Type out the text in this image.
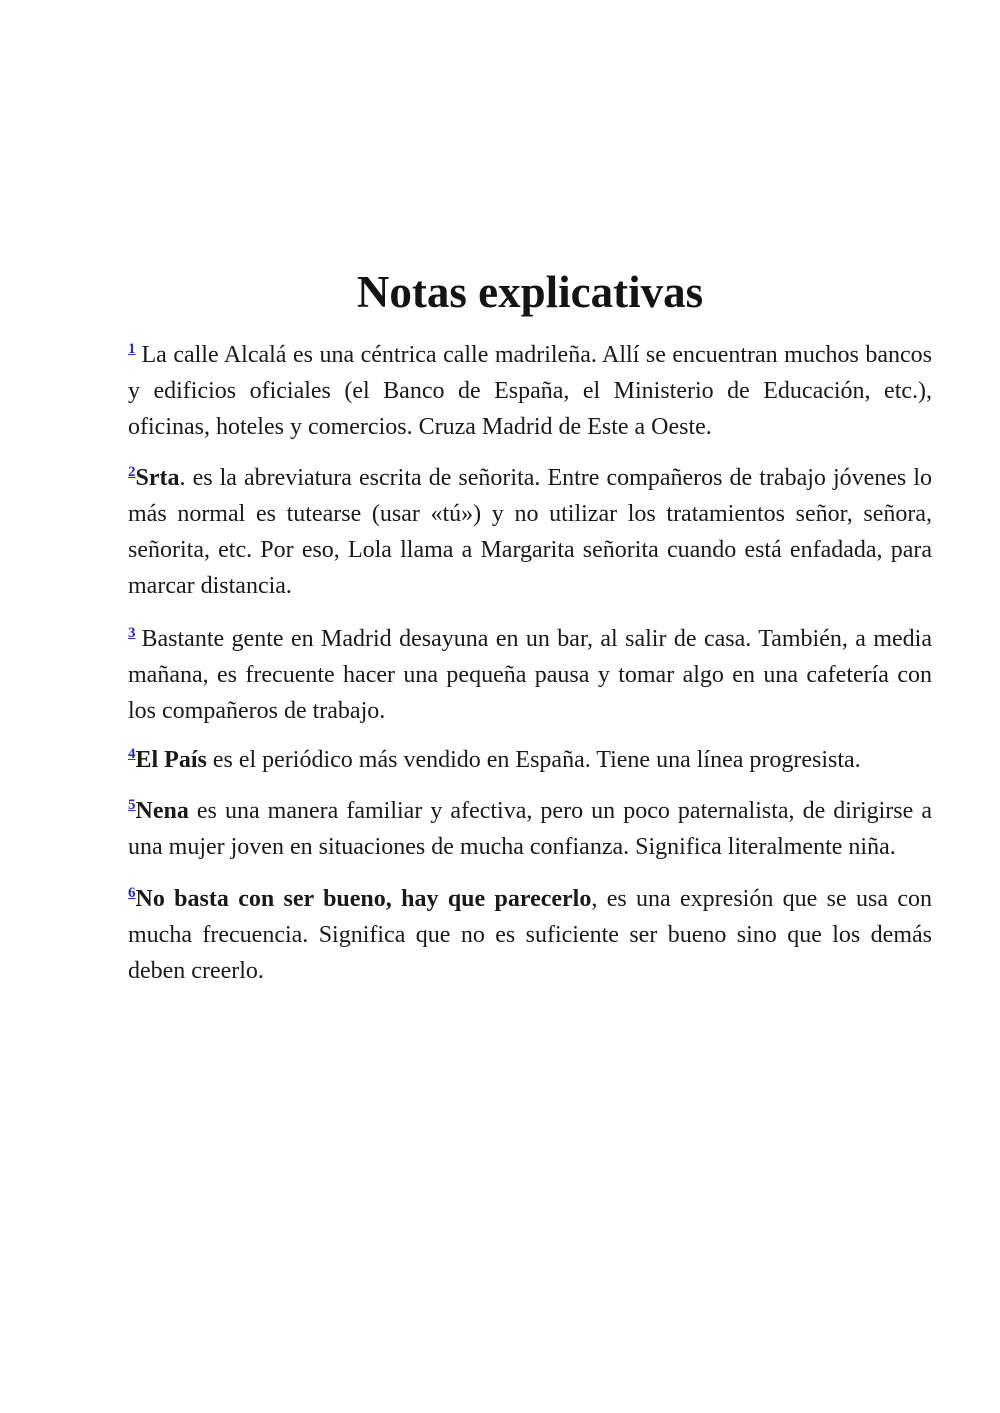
Notas explicativas

$^1$ La calle Alcalá es una céntrica calle madrileña. Allí se encuentran muchos bancos y edificios oficiales (el Banco de España, el Ministerio de Educación, etc.), oficinas, hoteles y comercios. Cruza Madrid de Este a Oeste.

$^2$Srta. es la abreviatura escrita de señorita. Entre compañeros de trabajo jóvenes lo más normal es tutearse (usar «tú») y no utilizar los tratamientos señor, señora, señorita, etc. Por eso, Lola llama a Margarita señorita cuando está enfadada, para marcar distancia.

$^3$ Bastante gente en Madrid desayuna en un bar, al salir de casa. También, a media mañana, es frecuente hacer una pequeña pausa y tomar algo en una cafetería con los compañeros de trabajo.

$^4$El País es el periódico más vendido en España. Tiene una línea progresista.

$^5$Nena es una manera familiar y afectiva, pero un poco paternalista, de dirigirse a una mujer joven en situaciones de mucha confianza. Significa literalmente niña.

$^6$No basta con ser bueno, hay que parecerlo, es una expresión que se usa con mucha frecuencia. Significa que no es suficiente ser bueno sino que los demás deben creerlo.
